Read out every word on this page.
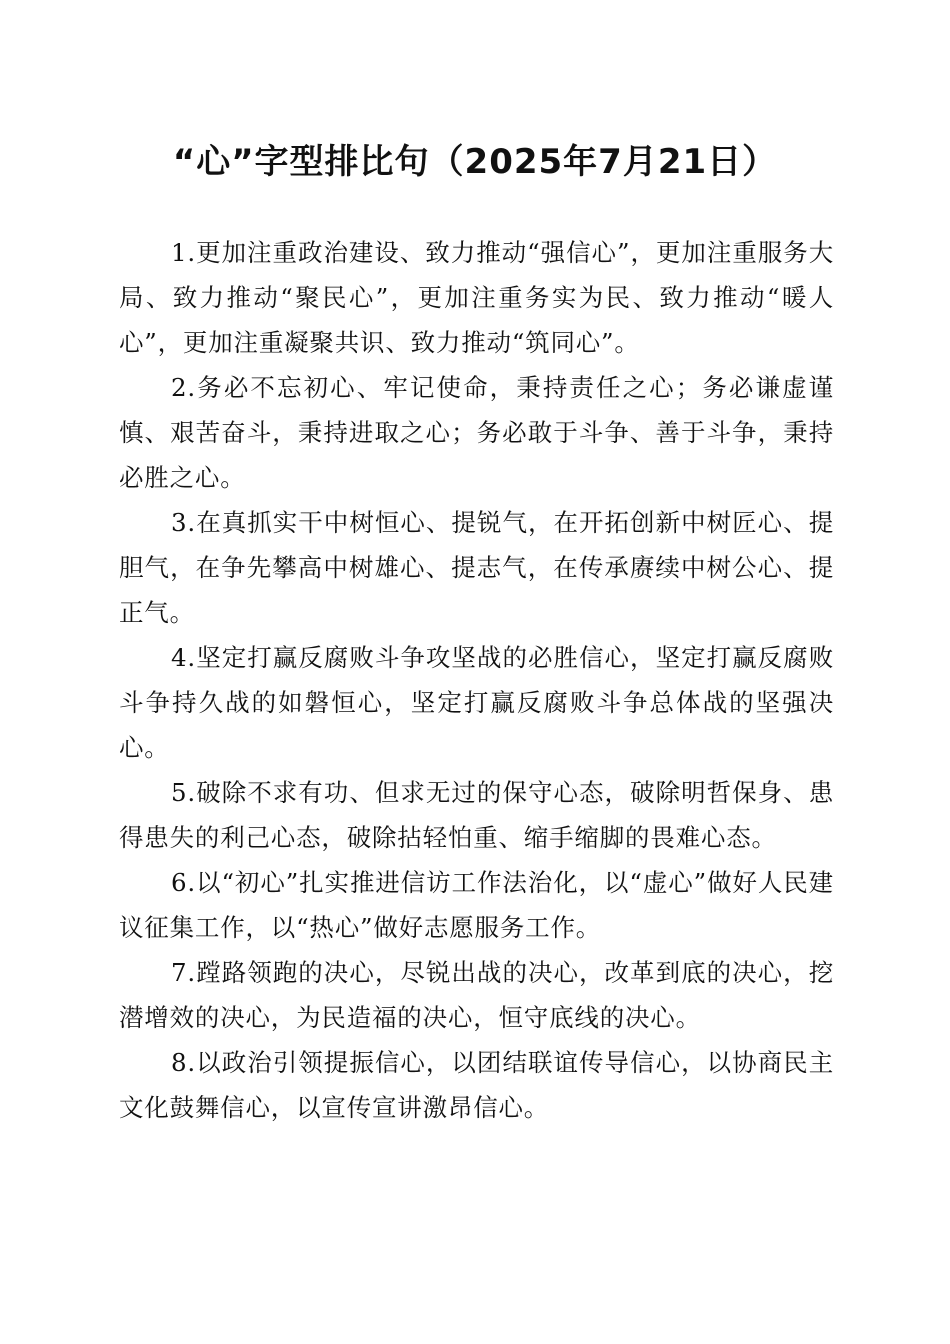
“心”字型排比句（2025年7月21日）

1.更加注重政治建设、致力推动“强信心”，更加注重服务大局、致力推动“聚民心”，更加注重务实为民、致力推动“暖人心”，更加注重凝聚共识、致力推动“筑同心”。

2.务必不忘初心、牢记使命，秉持责任之心；务必谦虚谨慎、艰苦奋斗，秉持进取之心；务必敢于斗争、善于斗争，秉持必胜之心。

3.在真抓实干中树恒心、提锐气，在开拓创新中树匠心、提胆气，在争先攀高中树雄心、提志气，在传承赓续中树公心、提正气。

4.坚定打赢反腐败斗争攻坚战的必胜信心，坚定打赢反腐败斗争持久战的如磐恒心，坚定打赢反腐败斗争总体战的坚强决心。

5.破除不求有功、但求无过的保守心态，破除明哲保身、患得患失的利己心态，破除拈轻怕重、缩手缩脚的畏难心态。

6.以“初心”扎实推进信访工作法治化，以“虚心”做好人民建议征集工作，以“热心”做好志愿服务工作。

7.蹚路领跑的决心，尽锐出战的决心，改革到底的决心，挖潜增效的决心，为民造福的决心，恒守底线的决心。

8.以政治引领提振信心，以团结联谊传导信心，以协商民主文化鼓舞信心，以宣传宣讲激昂信心。
